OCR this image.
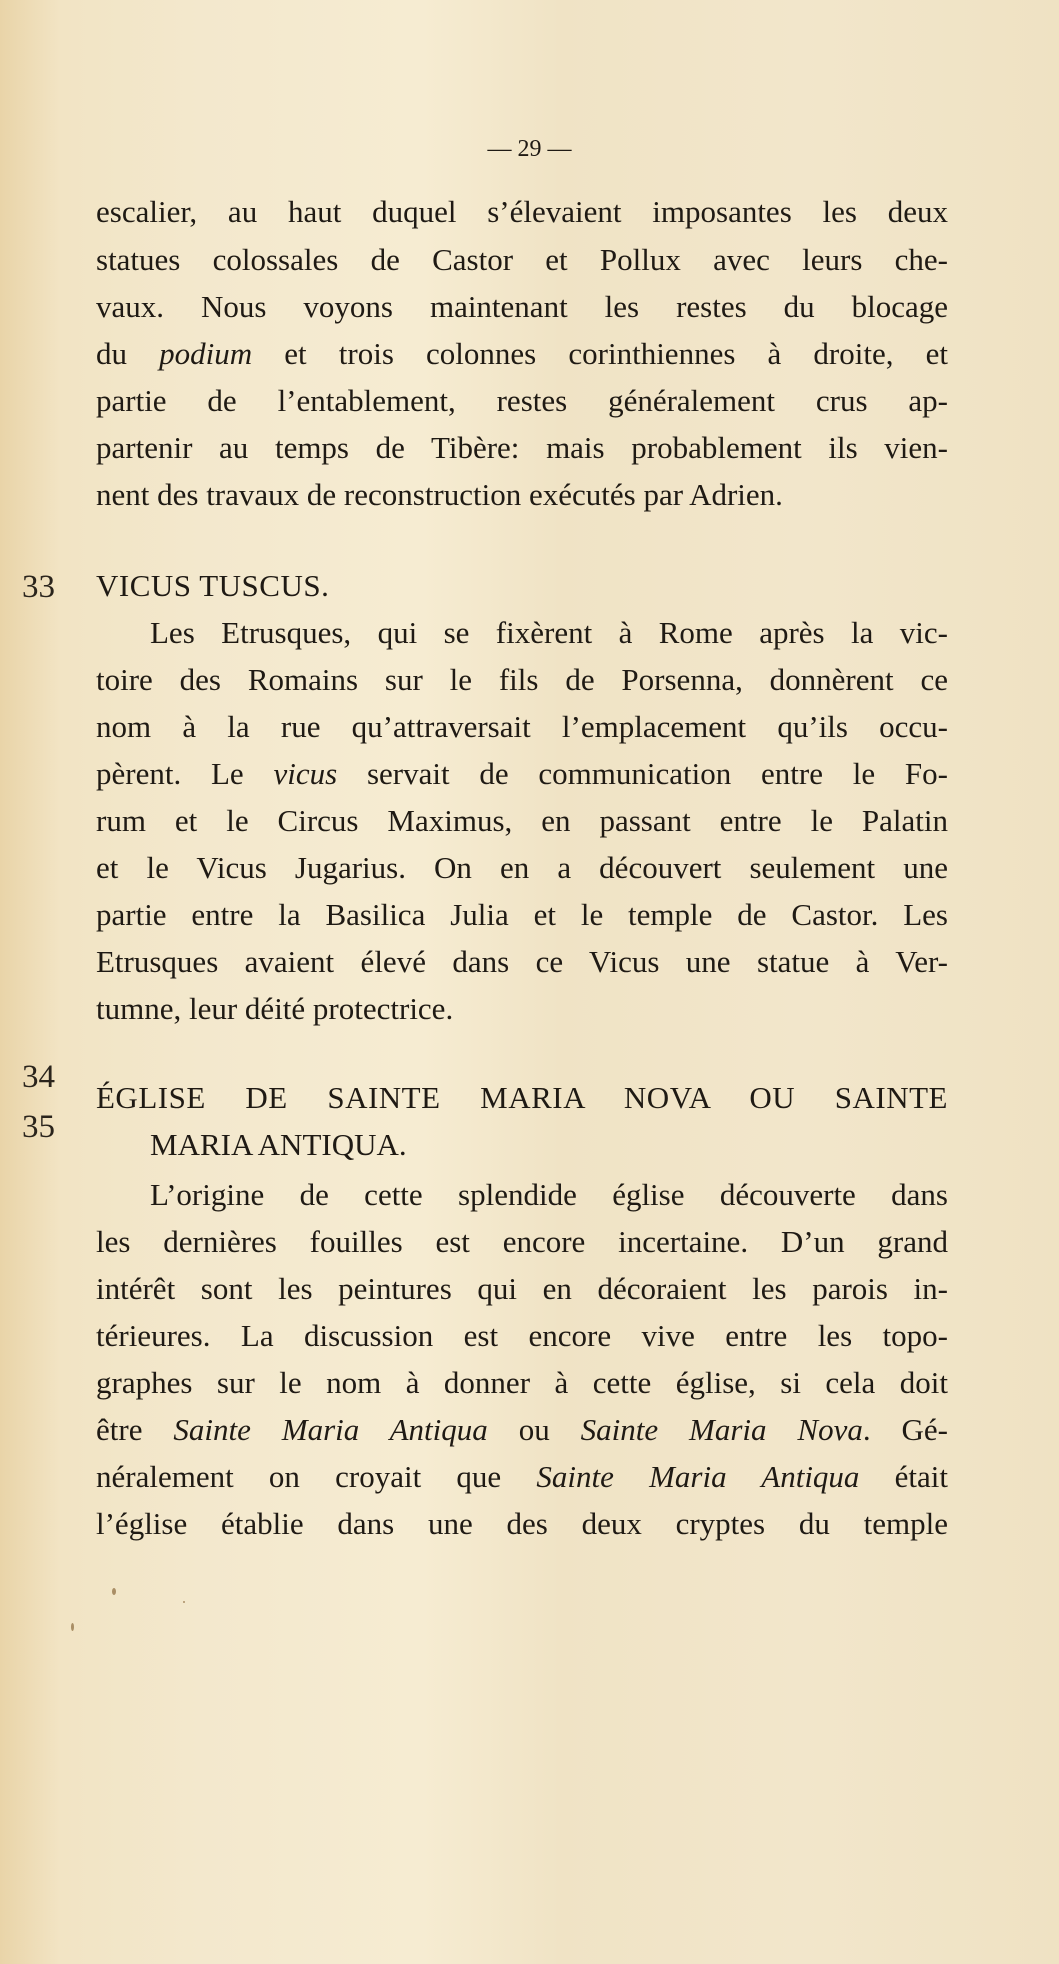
— 29 —
escalier, au haut duquel s’élevaient imposantes les deux
statues colossales de Castor et Pollux avec leurs che-
vaux. Nous voyons maintenant les restes du blocage
du podium et trois colonnes corinthiennes à droite, et
partie de l’entablement, restes généralement crus ap-
partenir au temps de Tibère: mais probablement ils vien-
nent des travaux de reconstruction exécutés par Adrien.
33 VICUS TUSCUS.
Les Etrusques, qui se fixèrent à Rome après la vic-
toire des Romains sur le fils de Porsenna, donnèrent ce
nom à la rue qu’attraversait l’emplacement qu’ils occu-
pèrent. Le vicus servait de communication entre le Fo-
rum et le Circus Maximus, en passant entre le Palatin
et le Vicus Jugarius. On en a découvert seulement une
partie entre la Basilica Julia et le temple de Castor. Les
Etrusques avaient élevé dans ce Vicus une statue à Ver-
tumne, leur déité protectrice.
34
35
ÉGLISE DE SAINTE MARIA NOVA OU SAINTE
MARIA ANTIQUA.
L’origine de cette splendide église découverte dans
les dernières fouilles est encore incertaine. D’un grand
intérêt sont les peintures qui en décoraient les parois in-
térieures. La discussion est encore vive entre les topo-
graphes sur le nom à donner à cette église, si cela doit
être Sainte Maria Antiqua ou Sainte Maria Nova. Gé-
néralement on croyait que Sainte Maria Antiqua était
l’église établie dans une des deux cryptes du temple
